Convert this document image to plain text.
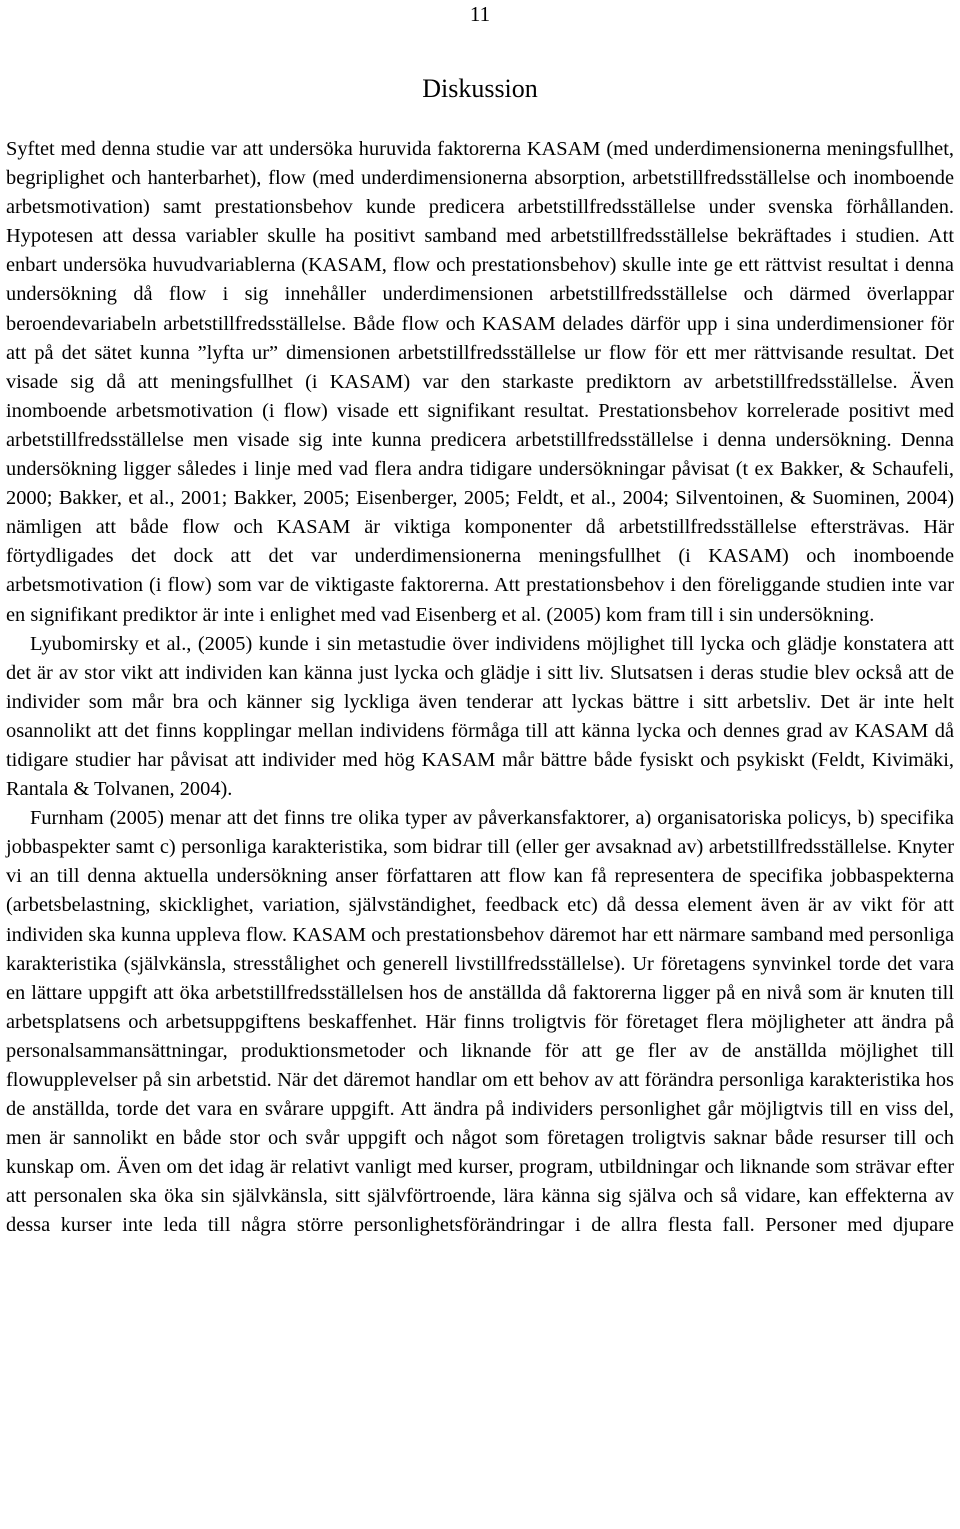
11
Diskussion

Syftet med denna studie var att undersöka huruvida faktorerna KASAM (med underdimensionerna meningsfullhet, begriplighet och hanterbarhet), flow (med underdimensionerna absorption, arbetstillfredsställelse och inomboende arbetsmotivation) samt prestationsbehov kunde predicera arbetstillfredsställelse under svenska förhållanden. Hypotesen att dessa variabler skulle ha positivt samband med arbetstillfredsställelse bekräftades i studien. Att enbart undersöka huvudvariablerna (KASAM, flow och prestationsbehov) skulle inte ge ett rättvist resultat i denna undersökning då flow i sig innehåller underdimensionen arbetstillfredsställelse och därmed överlappar beroendevariabeln arbetstillfredsställelse. Både flow och KASAM delades därför upp i sina underdimensioner för att på det sätet kunna ”lyfta ur” dimensionen arbetstillfredsställelse ur flow för ett mer rättvisande resultat. Det visade sig då att meningsfullhet (i KASAM) var den starkaste prediktorn av arbetstillfredsställelse. Även inomboende arbetsmotivation (i flow) visade ett signifikant resultat. Prestationsbehov korrelerade positivt med arbetstillfredsställelse men visade sig inte kunna predicera arbetstillfredsställelse i denna undersökning. Denna undersökning ligger således i linje med vad flera andra tidigare undersökningar påvisat (t ex Bakker, & Schaufeli, 2000; Bakker, et al., 2001; Bakker, 2005; Eisenberger, 2005; Feldt, et al., 2004; Silventoinen, & Suominen, 2004) nämligen att både flow och KASAM är viktiga komponenter då arbetstillfredsställelse eftersträvas. Här förtydligades det dock att det var underdimensionerna meningsfullhet (i KASAM) och inomboende arbetsmotivation (i flow) som var de viktigaste faktorerna. Att prestationsbehov i den föreliggande studien inte var en signifikant prediktor är inte i enlighet med vad Eisenberg et al. (2005) kom fram till i sin undersökning.

Lyubomirsky et al., (2005) kunde i sin metastudie över individens möjlighet till lycka och glädje konstatera att det är av stor vikt att individen kan känna just lycka och glädje i sitt liv. Slutsatsen i deras studie blev också att de individer som mår bra och känner sig lyckliga även tenderar att lyckas bättre i sitt arbetsliv. Det är inte helt osannolikt att det finns kopplingar mellan individens förmåga till att känna lycka och dennes grad av KASAM då tidigare studier har påvisat att individer med hög KASAM mår bättre både fysiskt och psykiskt (Feldt, Kivimäki, Rantala & Tolvanen, 2004).

Furnham (2005) menar att det finns tre olika typer av påverkansfaktorer, a) organisatoriska policys, b) specifika jobbaspekter samt c) personliga karakteristika, som bidrar till (eller ger avsaknad av) arbetstillfredsställelse. Knyter vi an till denna aktuella undersökning anser författaren att flow kan få representera de specifika jobbaspekterna (arbetsbelastning, skicklighet, variation, självständighet, feedback etc) då dessa element även är av vikt för att individen ska kunna uppleva flow. KASAM och prestationsbehov däremot har ett närmare samband med personliga karakteristika (självkänsla, stresstålighet och generell livstillfredsställelse). Ur företagens synvinkel torde det vara en lättare uppgift att öka arbetstillfredsställelsen hos de anställda då faktorerna ligger på en nivå som är knuten till arbetsplatsens och arbetsuppgiftens beskaffenhet. Här finns troligtvis för företaget flera möjligheter att ändra på personalsammansättningar, produktionsmetoder och liknande för att ge fler av de anställda möjlighet till flowupplevelser på sin arbetstid. När det däremot handlar om ett behov av att förändra personliga karakteristika hos de anställda, torde det vara en svårare uppgift. Att ändra på individers personlighet går möjligtvis till en viss del, men är sannolikt en både stor och svår uppgift och något som företagen troligtvis saknar både resurser till och kunskap om. Även om det idag är relativt vanligt med kurser, program, utbildningar och liknande som strävar efter att personalen ska öka sin självkänsla, sitt självförtroende, lära känna sig själva och så vidare, kan effekterna av dessa kurser inte leda till några större personlighetsförändringar i de allra flesta fall. Personer med djupare
